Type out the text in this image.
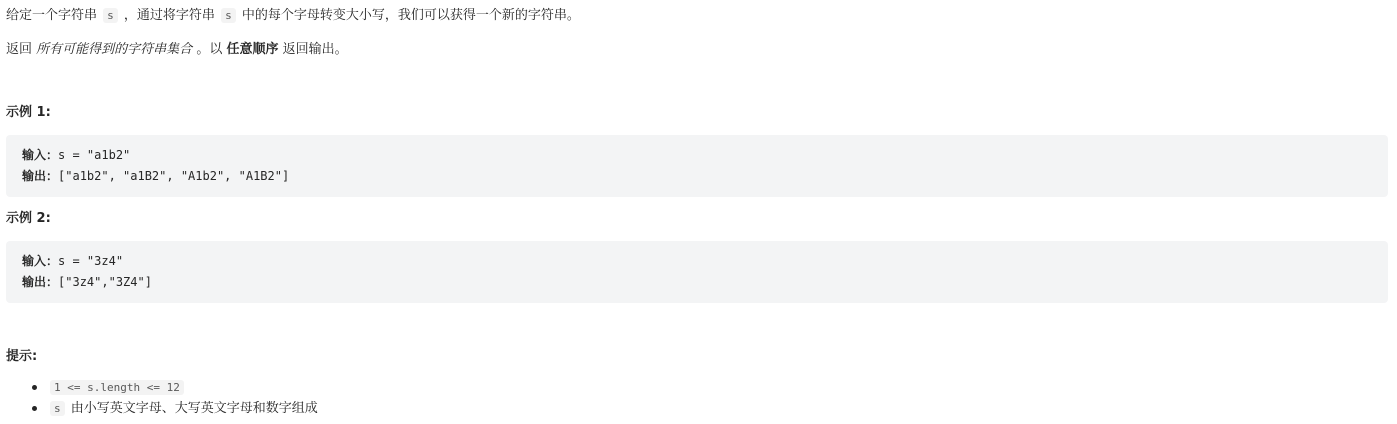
给定一个字符串 s ，通过将字符串 s 中的每个字母转变大小写，我们可以获得一个新的字符串。

返回 所有可能得到的字符串集合 。以 任意顺序 返回输出。

示例 1:
输入：s = "a1b2"
输出：["a1b2", "a1B2", "A1b2", "A1B2"]
示例 2:
输入：s = "3z4"
输出：["3z4","3Z4"]
提示:
1 <= s.length <= 12
s 由小写英文字母、大写英文字母和数字组成
